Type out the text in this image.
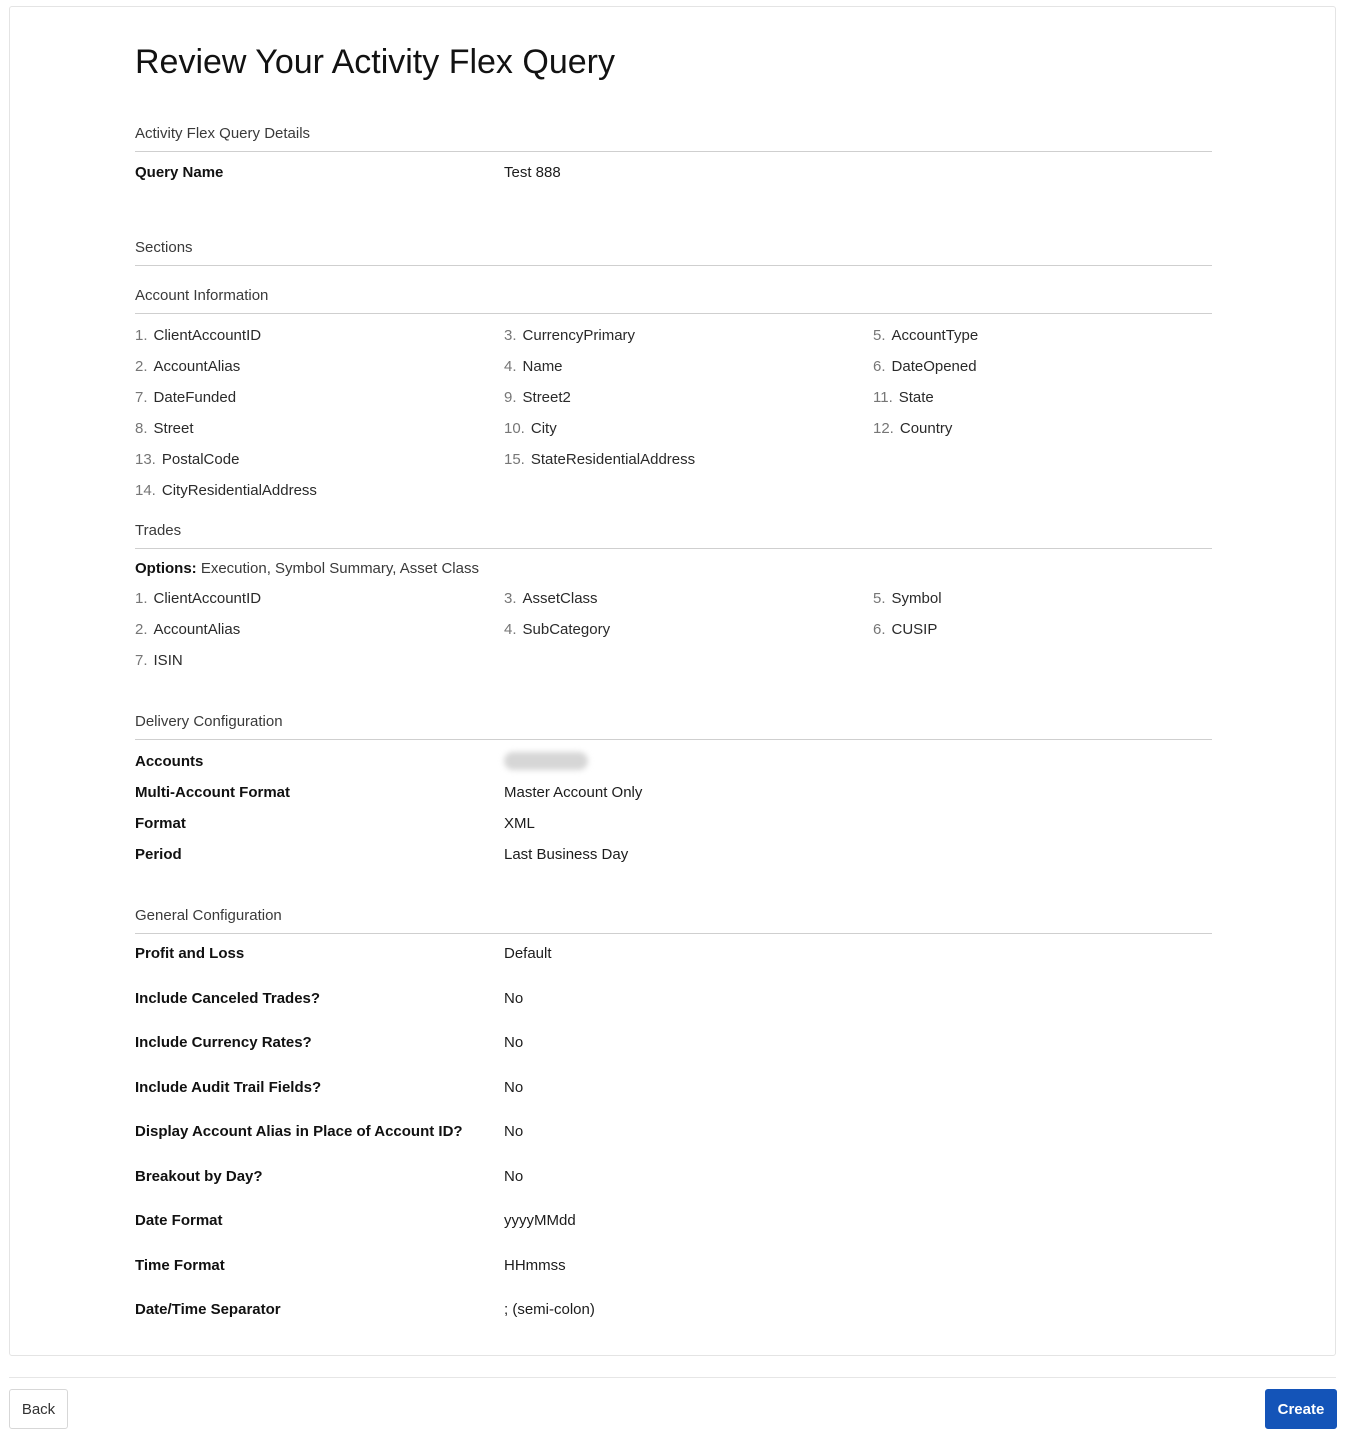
Review Your Activity Flex Query
Activity Flex Query Details
Query Name	Test 888
Sections
Account Information
1. ClientAccountID	3. CurrencyPrimary	5. AccountType
2. AccountAlias	4. Name	6. DateOpened
7. DateFunded	9. Street2	11. State
8. Street	10. City	12. Country
13. PostalCode	15. StateResidentialAddress
14. CityResidentialAddress
Trades
Options: Execution, Symbol Summary, Asset Class
1. ClientAccountID	3. AssetClass	5. Symbol
2. AccountAlias	4. SubCategory	6. CUSIP
7. ISIN
Delivery Configuration
Accounts
Multi-Account Format	Master Account Only
Format	XML
Period	Last Business Day
General Configuration
Profit and Loss	Default
Include Canceled Trades?	No
Include Currency Rates?	No
Include Audit Trail Fields?	No
Display Account Alias in Place of Account ID?	No
Breakout by Day?	No
Date Format	yyyyMMdd
Time Format	HHmmss
Date/Time Separator	; (semi-colon)
Back	Create
